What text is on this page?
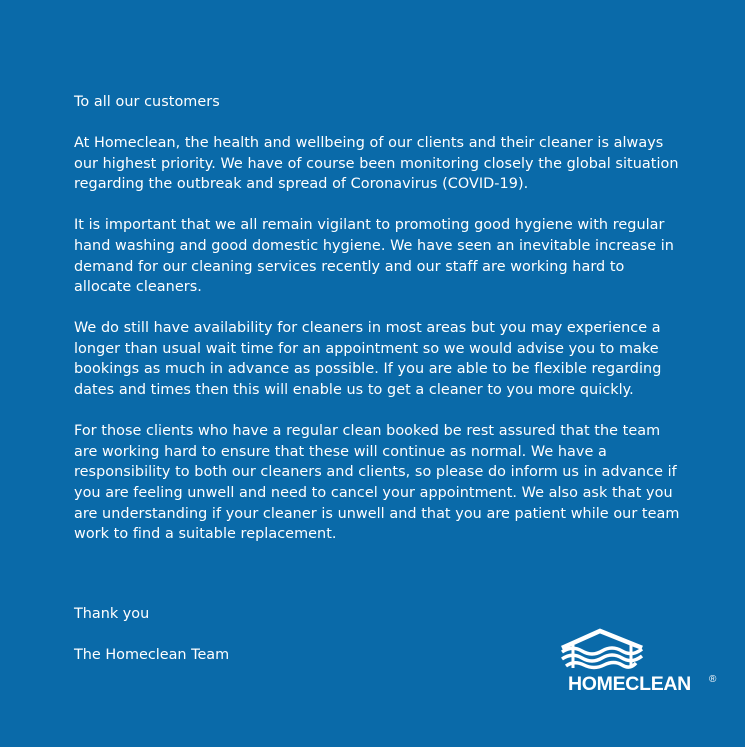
To all our customers

At Homeclean, the health and wellbeing of our clients and their cleaner is always our highest priority. We have of course been monitoring closely the global situation regarding the outbreak and spread of Coronavirus (COVID-19).

It is important that we all remain vigilant to promoting good hygiene with regular hand washing and good domestic hygiene. We have seen an inevitable increase in demand for our cleaning services recently and our staff are working hard to allocate cleaners.

We do still have availability for cleaners in most areas but you may experience a longer than usual wait time for an appointment so we would advise you to make bookings as much in advance as possible. If you are able to be flexible regarding dates and times then this will enable us to get a cleaner to you more quickly.

For those clients who have a regular clean booked be rest assured that the team are working hard to ensure that these will continue as normal. We have a responsibility to both our cleaners and clients, so please do inform us in advance if you are feeling unwell and need to cancel your appointment. We also ask that you are understanding if your cleaner is unwell and that you are patient while our team work to find a suitable replacement.

Thank you

The Homeclean Team

HOMECLEAN ®
